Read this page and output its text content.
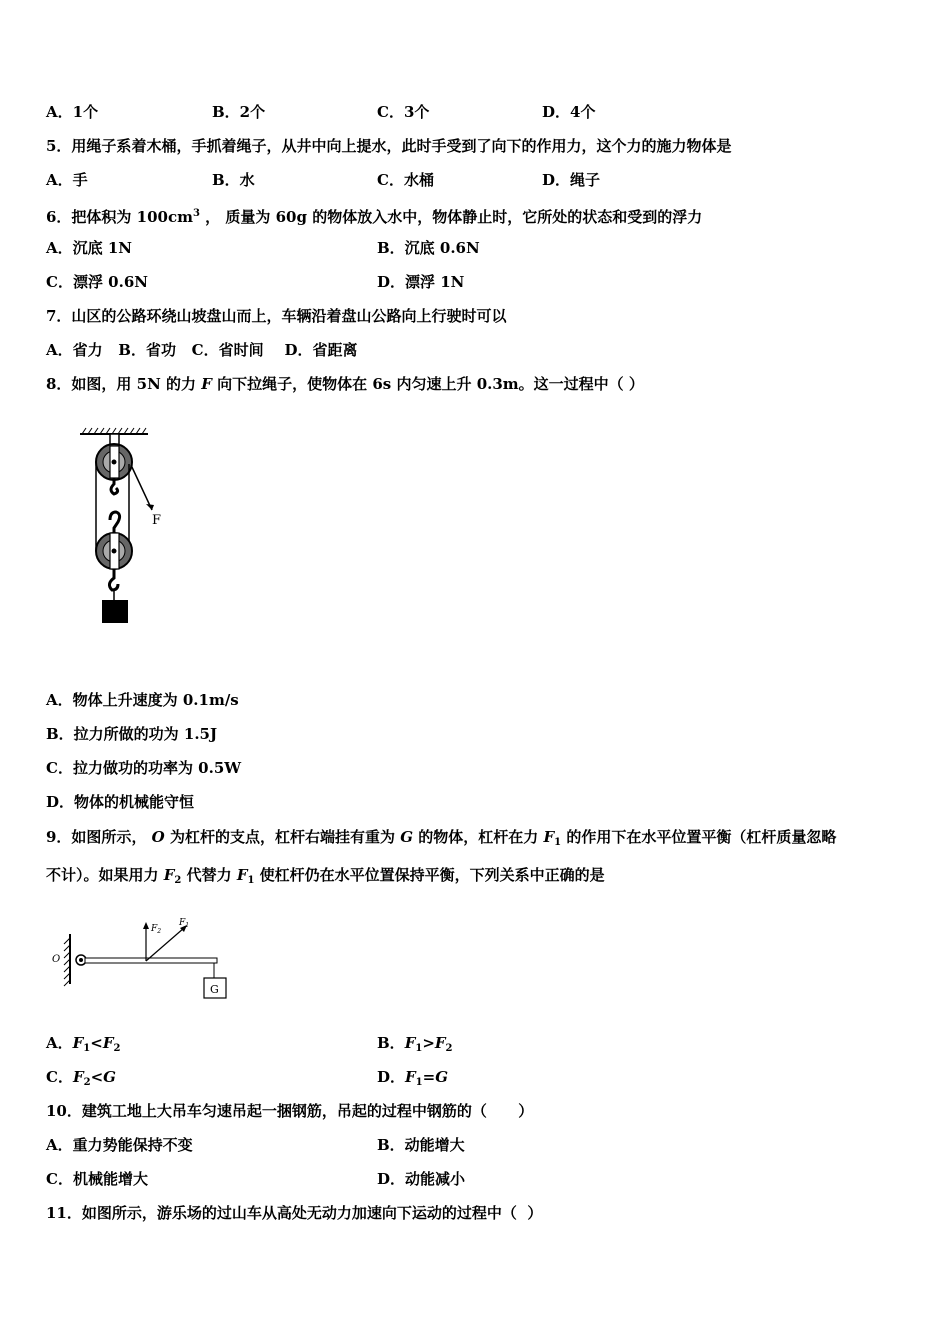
A．1个	B．2个	C．3个	D．4个
5．用绳子系着木桶，手抓着绳子，从井中向上提水，此时手受到了向下的作用力，这个力的施力物体是
A．手	B．水	C．水桶	D．绳子
6．把体积为 $100cm^3$ ， 质量为 60g 的物体放入水中，物体静止时，它所处的状态和受到的浮力
A．沉底 1N	B．沉底 0.6N
C．漂浮 0.6N	D．漂浮 1N
7．山区的公路环绕山坡盘山而上，车辆沿着盘山公路向上行驶时可以
A．省力   B．省功   C．省时间    D．省距离
8．如图，用 5N 的力 F 向下拉绳子，使物体在 6s 内匀速上升 0.3m。这一过程中（ ）
F
A．物体上升速度为 0.1m/s
B．拉力所做的功为 1.5J
C．拉力做功的功率为 0.5W
D．物体的机械能守恒
9．如图所示， O 为杠杆的支点，杠杆右端挂有重为 G 的物体，杠杆在力 $F_1$ 的作用下在水平位置平衡（杠杆质量忽略
不计）。如果用力 $F_2$ 代替力 $F_1$ 使杠杆仍在水平位置保持平衡，下列关系中正确的是
O
$F_2$
$F_1$
G
A．$F_1<F_2$	B．$F_1>F_2$
C．$F_2<G$	D．$F_1=G$
10．建筑工地上大吊车匀速吊起一捆钢筋，吊起的过程中钢筋的（      ）
A．重力势能保持不变	B．动能增大
C．机械能增大	D．动能减小
11．如图所示，游乐场的过山车从高处无动力加速向下运动的过程中（  ）
